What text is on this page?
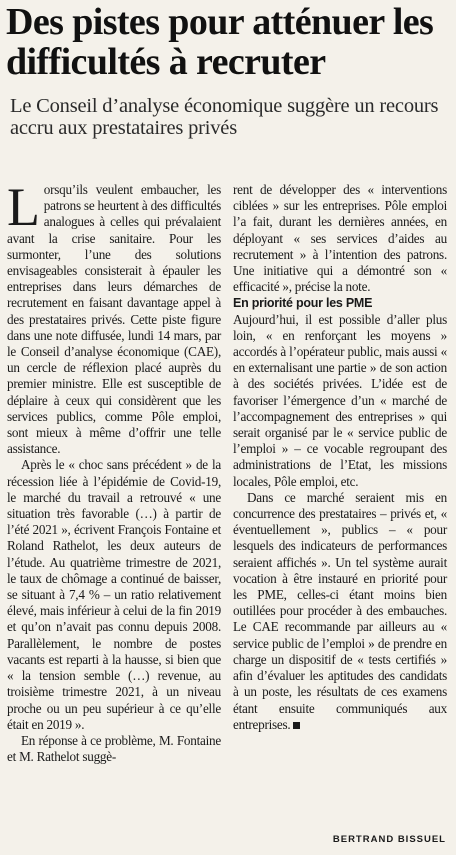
Des pistes pour atténuer les difficultés à recruter
Le Conseil d’analyse économique suggère un recours accru aux prestataires privés

Lorsqu’ils veulent embaucher, les patrons se heurtent à des difficultés analogues à celles qui prévalaient avant la crise sanitaire. Pour les surmonter, l’une des solutions envisageables consisterait à épauler les entreprises dans leurs démarches de recrutement en faisant davantage appel à des prestataires privés. Cette piste figure dans une note diffusée, lundi 14 mars, par le Conseil d’analyse économique (CAE), un cercle de réflexion placé auprès du premier ministre. Elle est susceptible de déplaire à ceux qui considèrent que les services publics, comme Pôle emploi, sont mieux à même d’offrir une telle assistance.

Après le « choc sans précédent » de la récession liée à l’épidémie de Covid-19, le marché du travail a retrouvé « une situation très favorable (…) à partir de l’été 2021 », écrivent François Fontaine et Roland Rathelot, les deux auteurs de l’étude. Au quatrième trimestre de 2021, le taux de chômage a continué de baisser, se situant à 7,4 % – un ratio relativement élevé, mais inférieur à celui de la fin 2019 et qu’on n’avait pas connu depuis 2008. Parallèlement, le nombre de postes vacants est reparti à la hausse, si bien que « la tension semble (…) revenue, au troisième trimestre 2021, à un niveau proche ou un peu supérieur à ce qu’elle était en 2019 ».

En réponse à ce problème, M. Fontaine et M. Rathelot suggè-

rent de développer des « interventions ciblées » sur les entreprises. Pôle emploi l’a fait, durant les dernières années, en déployant « ses services d’aides au recrutement » à l’intention des patrons. Une initiative qui a démontré son « efficacité », précise la note.

En priorité pour les PME

Aujourd’hui, il est possible d’aller plus loin, « en renforçant les moyens » accordés à l’opérateur public, mais aussi « en externalisant une partie » de son action à des sociétés privées. L’idée est de favoriser l’émergence d’un « marché de l’accompagnement des entreprises » qui serait organisé par le « service public de l’emploi » – ce vocable regroupant des administrations de l’Etat, les missions locales, Pôle emploi, etc.

Dans ce marché seraient mis en concurrence des prestataires – privés et, « éventuellement », publics – « pour lesquels des indicateurs de performances seraient affichés ». Un tel système aurait vocation à être instauré en priorité pour les PME, celles-ci étant moins bien outillées pour procéder à des embauches. Le CAE recommande par ailleurs au « service public de l’emploi » de prendre en charge un dispositif de « tests certifiés » afin d’évaluer les aptitudes des candidats à un poste, les résultats de ces examens étant ensuite communiqués aux entreprises.

BERTRAND BISSUEL
